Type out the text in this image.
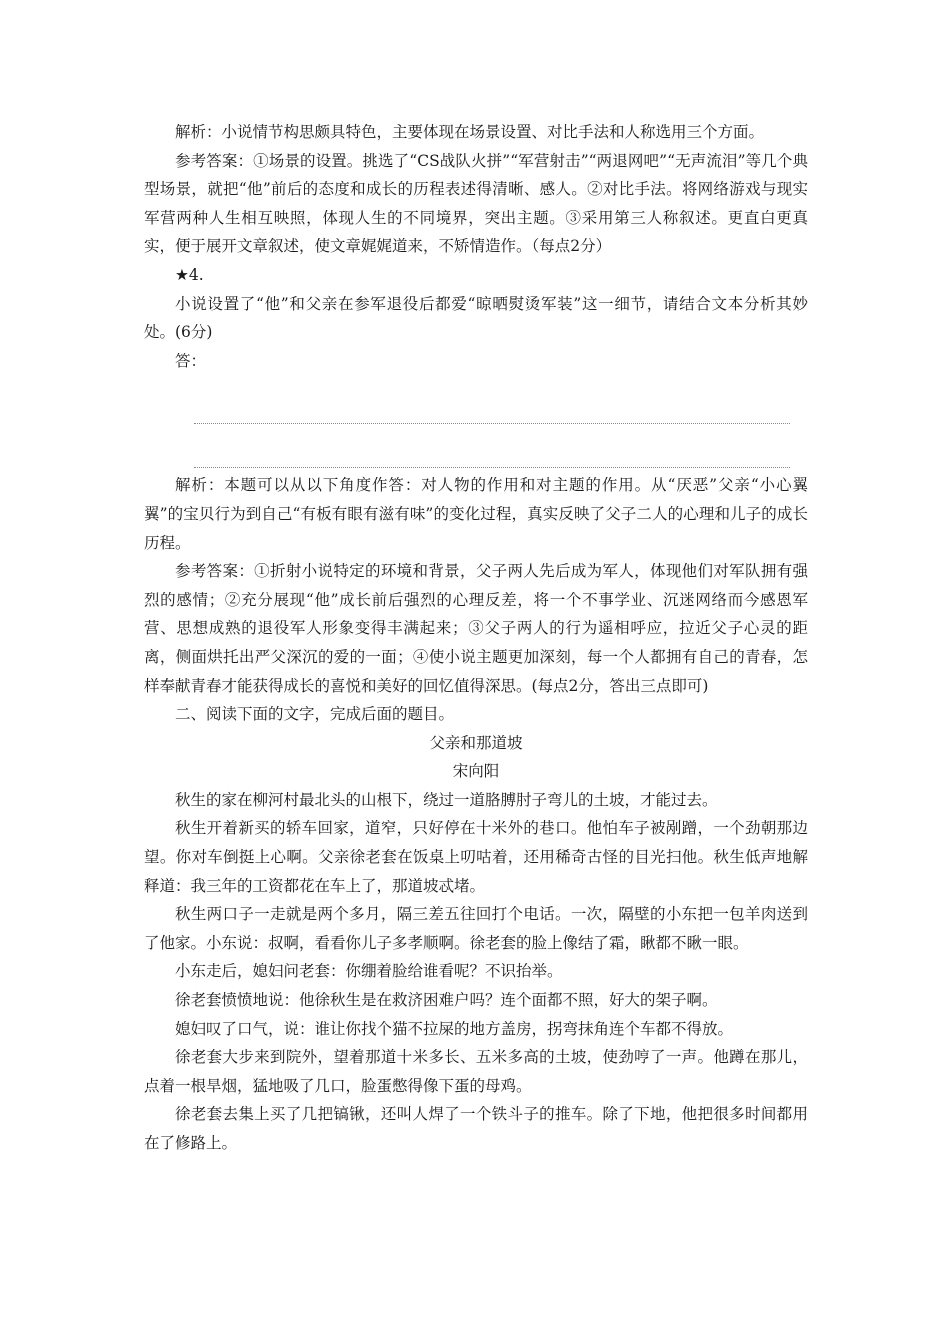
解析：小说情节构思颇具特色，主要体现在场景设置、对比手法和人称选用三个方面。

参考答案：①场景的设置。挑选了“CS战队火拼”“军营射击”“两退网吧”“无声流泪”等几个典型场景，就把“他”前后的态度和成长的历程表述得清晰、感人。②对比手法。将网络游戏与现实军营两种人生相互映照，体现人生的不同境界，突出主题。③采用第三人称叙述。更直白更真实，便于展开文章叙述，使文章娓娓道来，不矫情造作。（每点2分）

★4.

小说设置了“他”和父亲在参军退役后都爱“晾晒熨烫军装”这一细节，请结合文本分析其妙处。(6分)

答：

解析：本题可以从以下角度作答：对人物的作用和对主题的作用。从“厌恶”父亲“小心翼翼”的宝贝行为到自己“有板有眼有滋有味”的变化过程，真实反映了父子二人的心理和儿子的成长历程。

参考答案：①折射小说特定的环境和背景，父子两人先后成为军人，体现他们对军队拥有强烈的感情；②充分展现“他”成长前后强烈的心理反差，将一个不事学业、沉迷网络而今感恩军营、思想成熟的退役军人形象变得丰满起来；③父子两人的行为遥相呼应，拉近父子心灵的距离，侧面烘托出严父深沉的爱的一面；④使小说主题更加深刻，每一个人都拥有自己的青春，怎样奉献青春才能获得成长的喜悦和美好的回忆值得深思。(每点2分，答出三点即可)

二、阅读下面的文字，完成后面的题目。

父亲和那道坡

宋向阳

秋生的家在柳河村最北头的山根下，绕过一道胳膊肘子弯儿的土坡，才能过去。

秋生开着新买的轿车回家，道窄，只好停在十米外的巷口。他怕车子被剐蹭，一个劲朝那边望。你对车倒挺上心啊。父亲徐老套在饭桌上叨咕着，还用稀奇古怪的目光扫他。秋生低声地解释道：我三年的工资都花在车上了，那道坡忒堵。

秋生两口子一走就是两个多月，隔三差五往回打个电话。一次，隔壁的小东把一包羊肉送到了他家。小东说：叔啊，看看你儿子多孝顺啊。徐老套的脸上像结了霜，瞅都不瞅一眼。

小东走后，媳妇问老套：你绷着脸给谁看呢？不识抬举。

徐老套愤愤地说：他徐秋生是在救济困难户吗？连个面都不照，好大的架子啊。

媳妇叹了口气，说：谁让你找个猫不拉屎的地方盖房，拐弯抹角连个车都不得放。

徐老套大步来到院外，望着那道十米多长、五米多高的土坡，使劲哼了一声。他蹲在那儿，点着一根旱烟，猛地吸了几口，脸蛋憋得像下蛋的母鸡。

徐老套去集上买了几把镐锹，还叫人焊了一个铁斗子的推车。除了下地，他把很多时间都用在了修路上。
